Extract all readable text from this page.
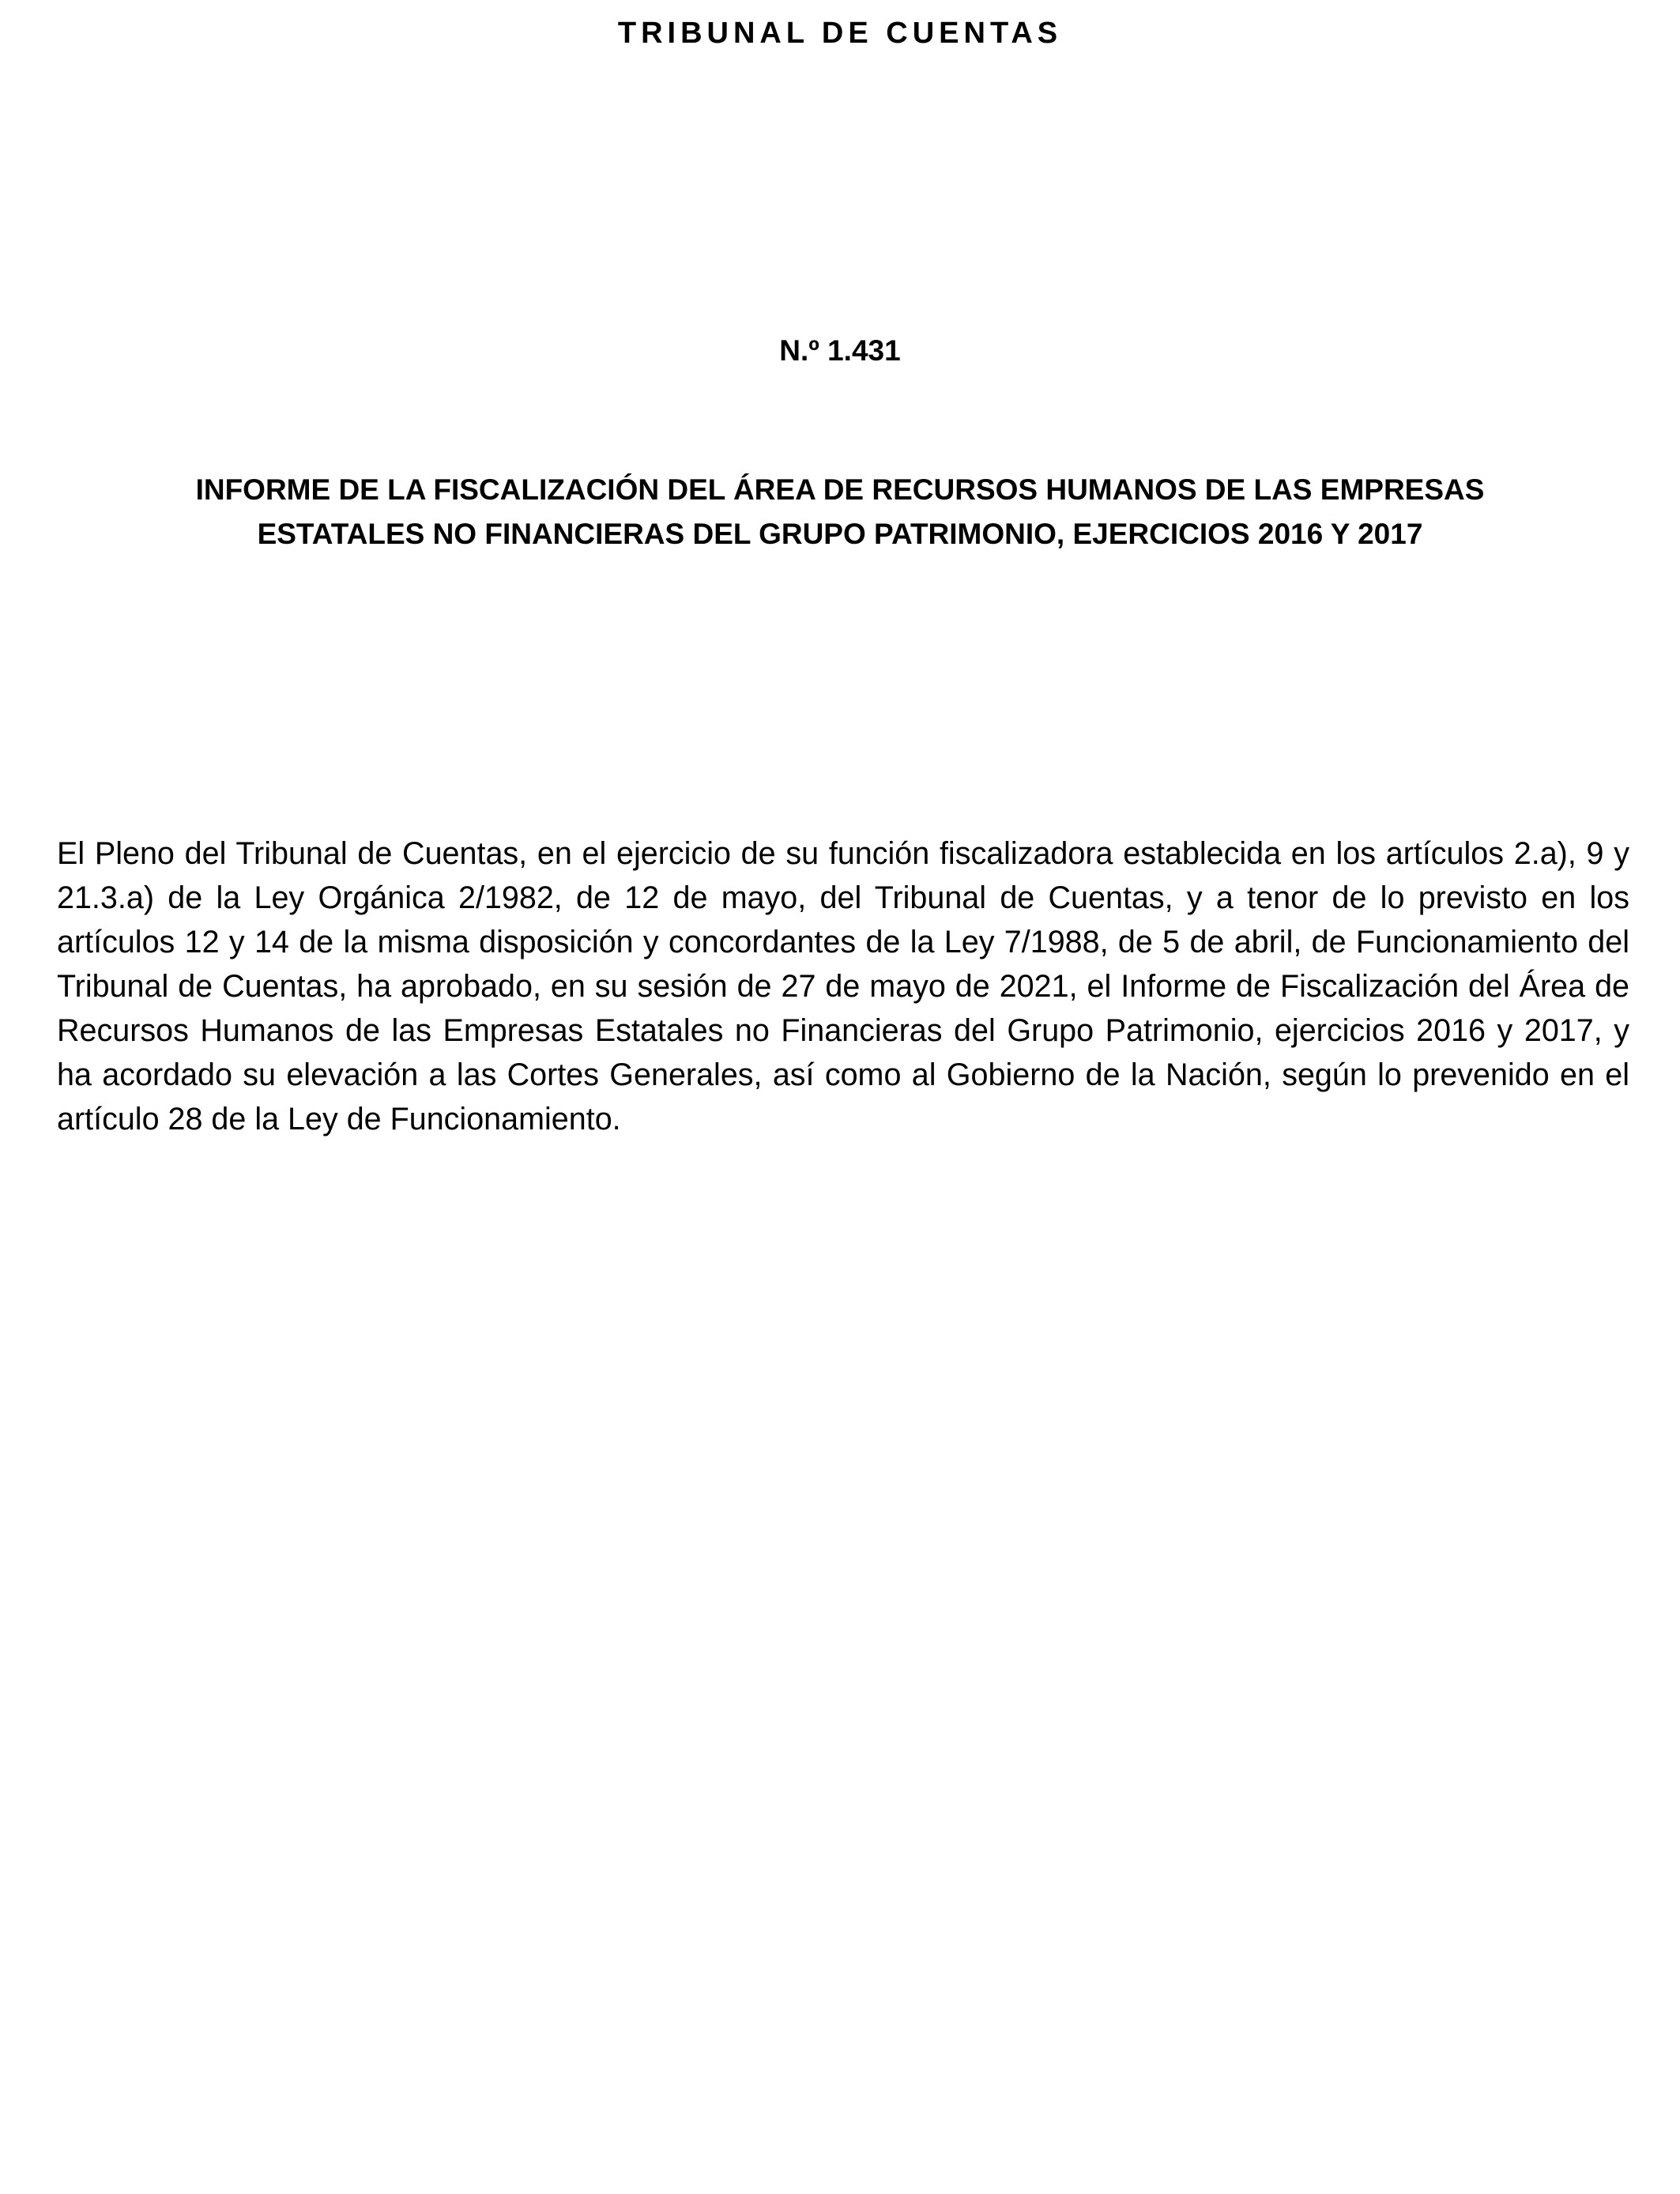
TRIBUNAL DE CUENTAS
N.º 1.431
INFORME DE LA FISCALIZACIÓN DEL ÁREA DE RECURSOS HUMANOS DE LAS EMPRESAS
ESTATALES NO FINANCIERAS DEL GRUPO PATRIMONIO, EJERCICIOS 2016 Y 2017

El Pleno del Tribunal de Cuentas, en el ejercicio de su función fiscalizadora establecida en los artículos 2.a), 9 y 21.3.a) de la Ley Orgánica 2/1982, de 12 de mayo, del Tribunal de Cuentas, y a tenor de lo previsto en los artículos 12 y 14 de la misma disposición y concordantes de la Ley 7/1988, de 5 de abril, de Funcionamiento del Tribunal de Cuentas, ha aprobado, en su sesión de 27 de mayo de 2021, el Informe de Fiscalización del Área de Recursos Humanos de las Empresas Estatales no Financieras del Grupo Patrimonio, ejercicios 2016 y 2017, y ha acordado su elevación a las Cortes Generales, así como al Gobierno de la Nación, según lo prevenido en el artículo 28 de la Ley de Funcionamiento.
